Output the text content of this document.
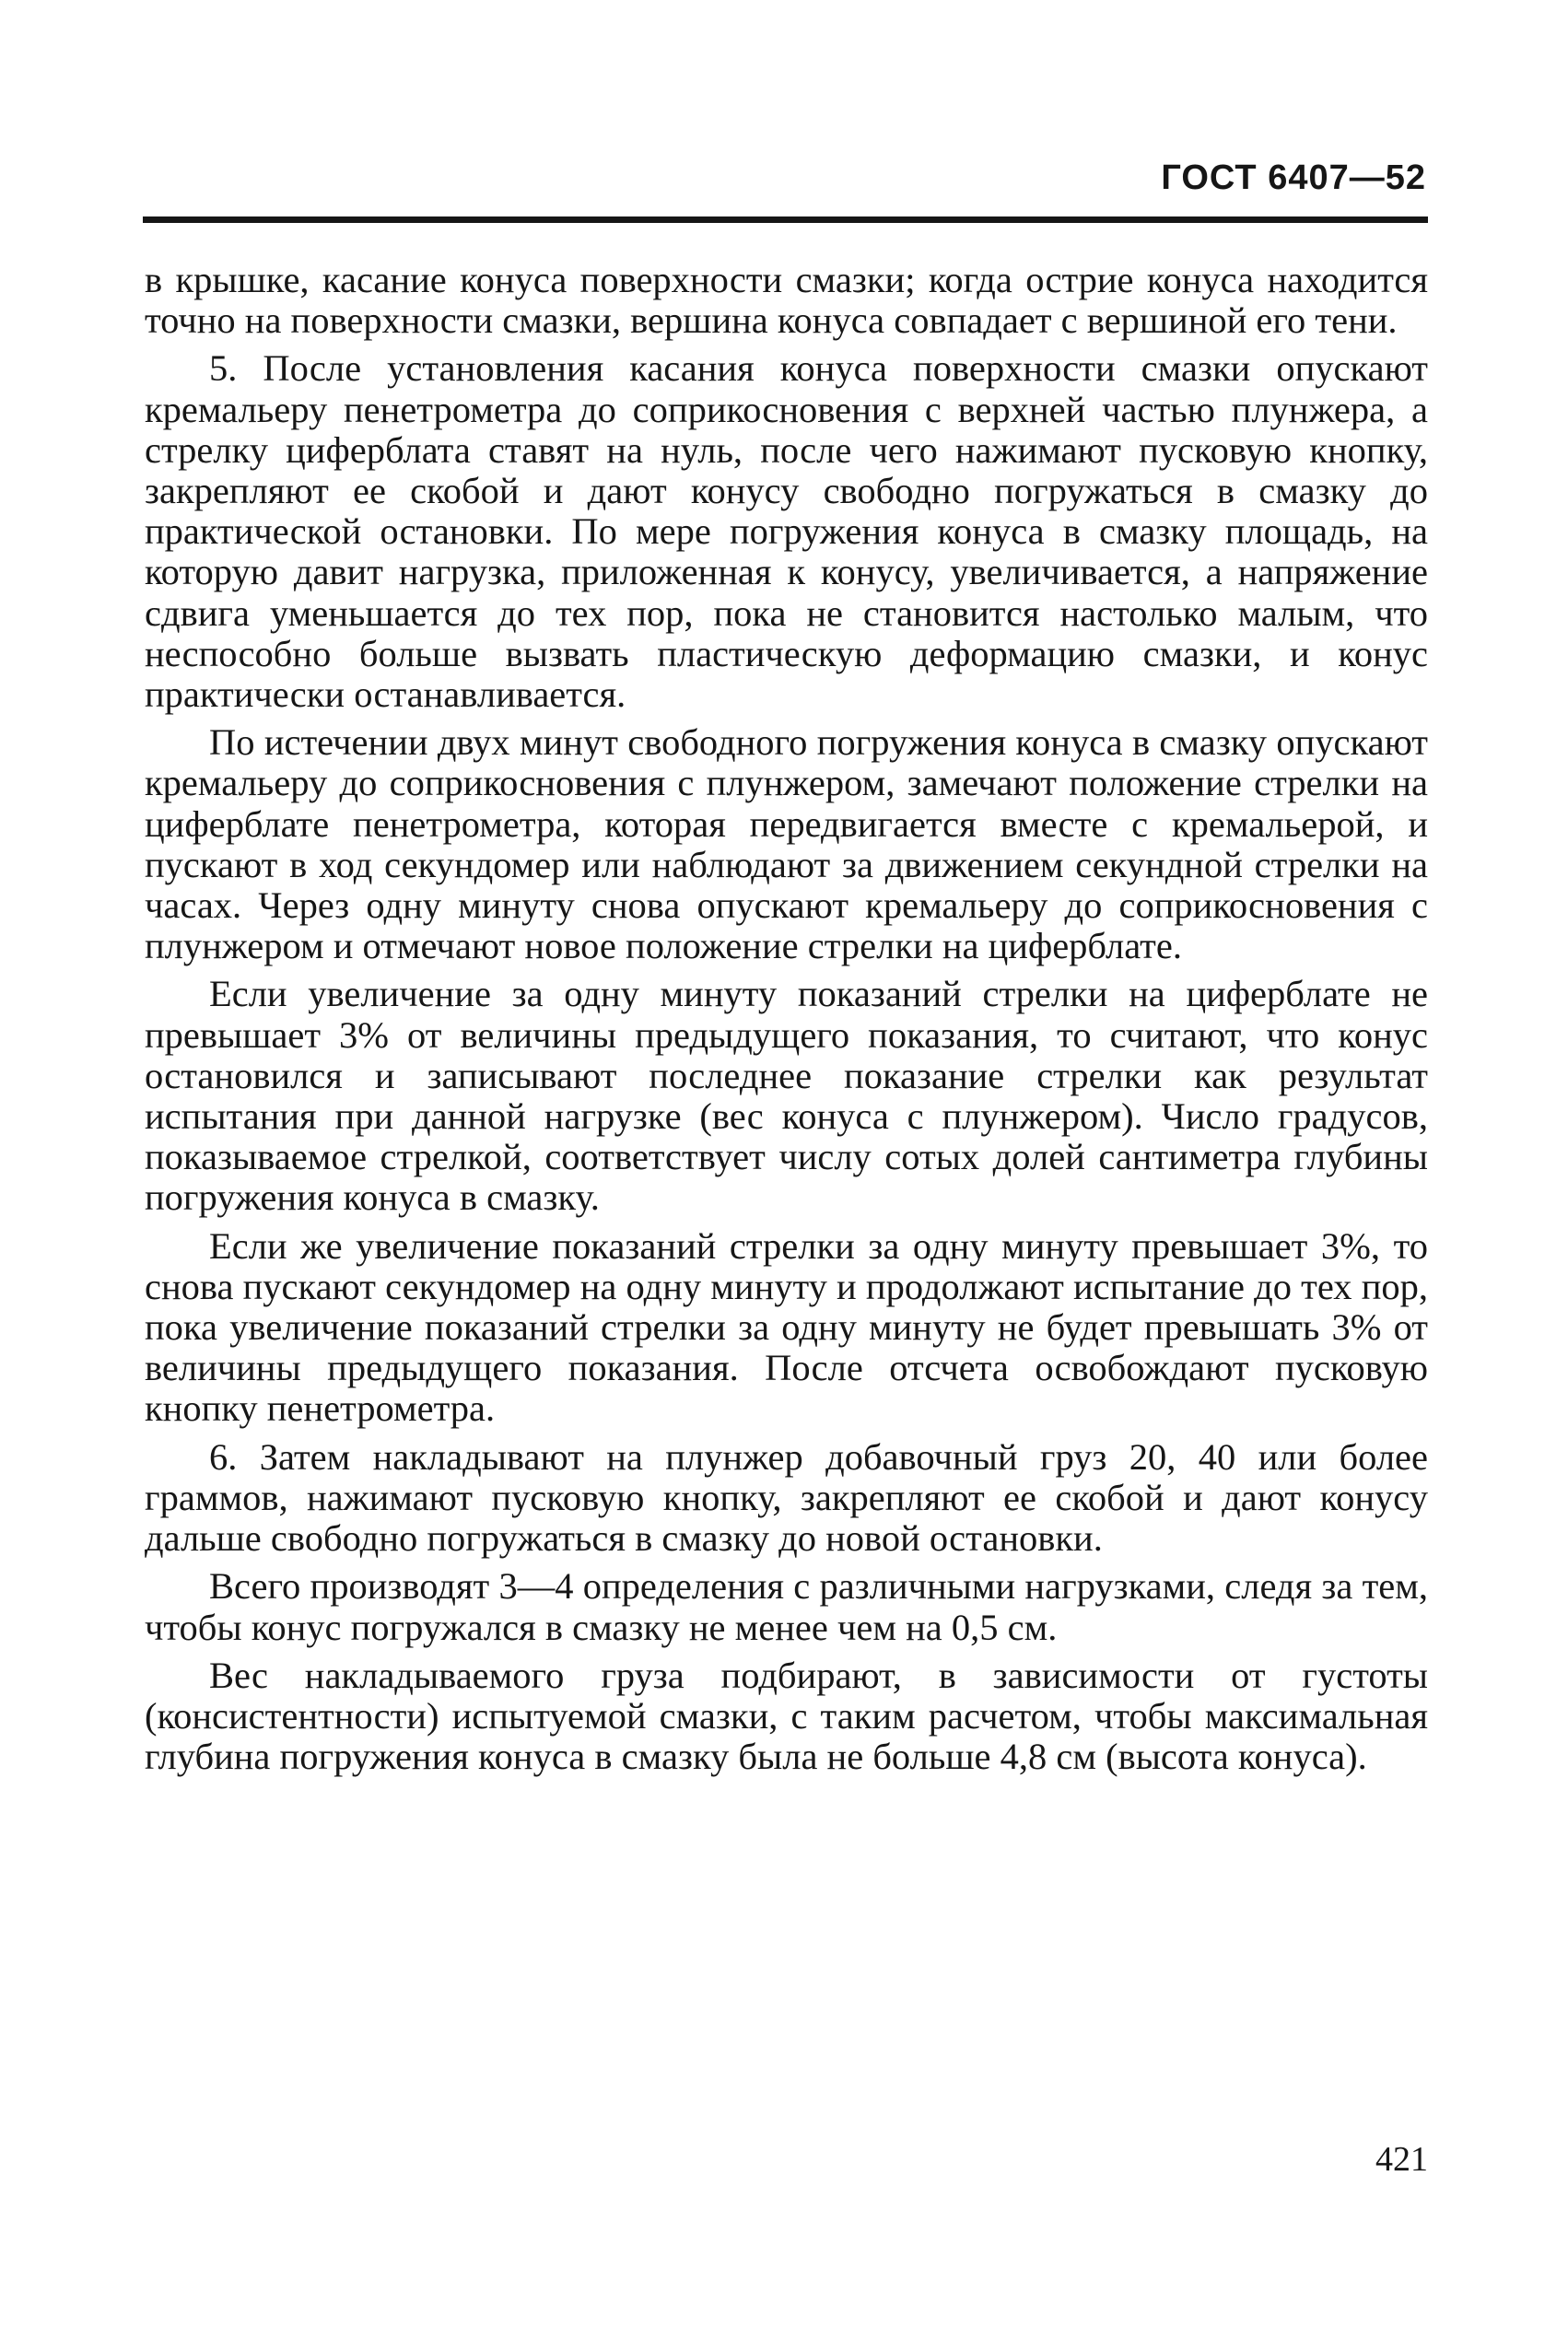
ГОСТ 6407—52

в крышке, касание конуса поверхности смазки; когда острие конуса находится точно на поверхности смазки, вершина конуса совпадает с вершиной его тени.

5. После установления касания конуса поверхности смазки опускают кремальеру пенетрометра до соприкосновения с верхней частью плунжера, а стрелку циферблата ставят на нуль, после чего нажимают пусковую кнопку, закрепляют ее скобой и дают конусу свободно погружаться в смазку до практической остановки. По мере погружения конуса в смазку площадь, на которую давит нагрузка, приложенная к конусу, увеличивается, а напряжение сдвига уменьшается до тех пор, пока не становится настолько малым, что неспособно больше вызвать пластическую деформацию смазки, и конус практически останавливается.

По истечении двух минут свободного погружения конуса в смазку опускают кремальеру до соприкосновения с плунжером, замечают положение стрелки на циферблате пенетрометра, которая передвигается вместе с кремальерой, и пускают в ход секундомер или наблюдают за движением секундной стрелки на часах. Через одну минуту снова опускают кремальеру до соприкосновения с плунжером и отмечают новое положение стрелки на циферблате.

Если увеличение за одну минуту показаний стрелки на циферблате не превышает 3% от величины предыдущего показания, то считают, что конус остановился и записывают последнее показание стрелки как результат испытания при данной нагрузке (вес конуса с плунжером). Число градусов, показываемое стрелкой, соответствует числу сотых долей сантиметра глубины погружения конуса в смазку.

Если же увеличение показаний стрелки за одну минуту превышает 3%, то снова пускают секундомер на одну минуту и продолжают испытание до тех пор, пока увеличение показаний стрелки за одну минуту не будет превышать 3% от величины предыдущего показания. После отсчета освобождают пусковую кнопку пенетрометра.

6. Затем накладывают на плунжер добавочный груз 20, 40 или более граммов, нажимают пусковую кнопку, закрепляют ее скобой и дают конусу дальше свободно погружаться в смазку до новой остановки.

Всего производят 3—4 определения с различными нагрузками, следя за тем, чтобы конус погружался в смазку не менее чем на 0,5 см.

Вес накладываемого груза подбирают, в зависимости от густоты (консистентности) испытуемой смазки, с таким расчетом, чтобы максимальная глубина погружения конуса в смазку была не больше 4,8 см (высота конуса).

421
